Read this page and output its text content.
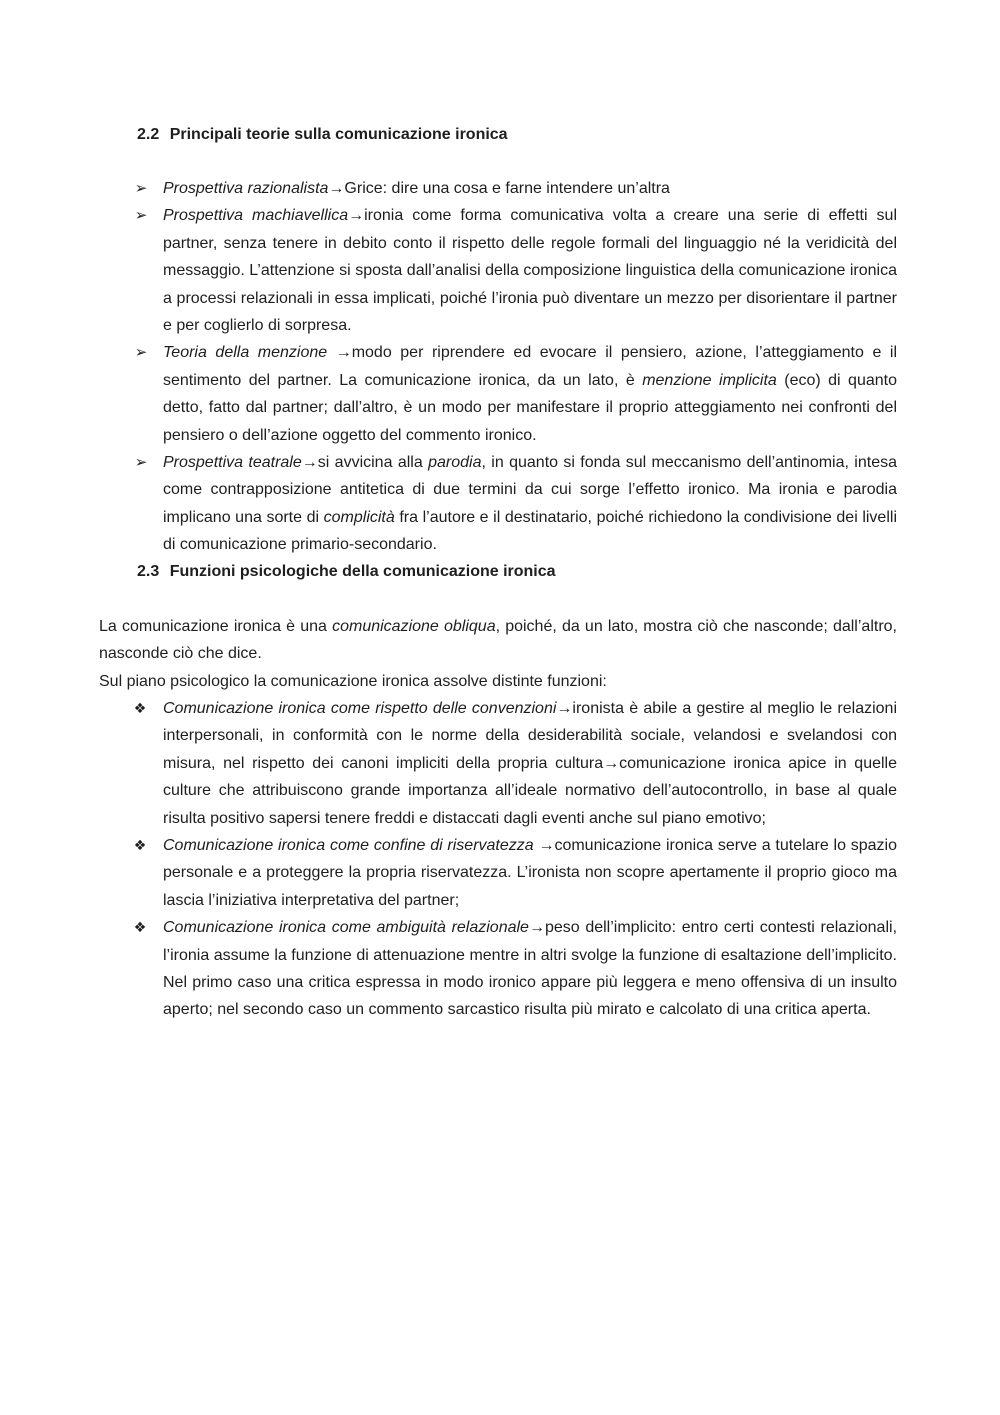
2.2 Principali teorie sulla comunicazione ironica
➢ Prospettiva razionalista→Grice: dire una cosa e farne intendere un’altra
➢ Prospettiva machiavellica→ironia come forma comunicativa volta a creare una serie di effetti sul partner, senza tenere in debito conto il rispetto delle regole formali del linguaggio né la veridicità del messaggio. L’attenzione si sposta dall’analisi della composizione linguistica della comunicazione ironica a processi relazionali in essa implicati, poiché l’ironia può diventare un mezzo per disorientare il partner e per coglierlo di sorpresa.
➢ Teoria della menzione →modo per riprendere ed evocare il pensiero, azione, l’atteggiamento e il sentimento del partner. La comunicazione ironica, da un lato, è menzione implicita (eco) di quanto detto, fatto dal partner; dall’altro, è un modo per manifestare il proprio atteggiamento nei confronti del pensiero o dell’azione oggetto del commento ironico.
➢ Prospettiva teatrale→si avvicina alla parodia, in quanto si fonda sul meccanismo dell’antinomia, intesa come contrapposizione antitetica di due termini da cui sorge l’effetto ironico. Ma ironia e parodia implicano una sorte di complicità fra l’autore e il destinatario, poiché richiedono la condivisione dei livelli di comunicazione primario-secondario.
2.3 Funzioni psicologiche della comunicazione ironica
La comunicazione ironica è una comunicazione obliqua, poiché, da un lato, mostra ciò che nasconde; dall’altro, nasconde ciò che dice.
Sul piano psicologico la comunicazione ironica assolve distinte funzioni:
❖ Comunicazione ironica come rispetto delle convenzioni→ironista è abile a gestire al meglio le relazioni interpersonali, in conformità con le norme della desiderabilità sociale, velandosi e svelandosi con misura, nel rispetto dei canoni impliciti della propria cultura→comunicazione ironica apice in quelle culture che attribuiscono grande importanza all’ideale normativo dell’autocontrollo, in base al quale risulta positivo sapersi tenere freddi e distaccati dagli eventi anche sul piano emotivo;
❖ Comunicazione ironica come confine di riservatezza →comunicazione ironica serve a tutelare lo spazio personale e a proteggere la propria riservatezza. L’ironista non scopre apertamente il proprio gioco ma lascia l’iniziativa interpretativa del partner;
❖ Comunicazione ironica come ambiguità relazionale→peso dell’implicito: entro certi contesti relazionali, l’ironia assume la funzione di attenuazione mentre in altri svolge la funzione di esaltazione dell’implicito. Nel primo caso una critica espressa in modo ironico appare più leggera e meno offensiva di un insulto aperto; nel secondo caso un commento sarcastico risulta più mirato e calcolato di una critica aperta.
